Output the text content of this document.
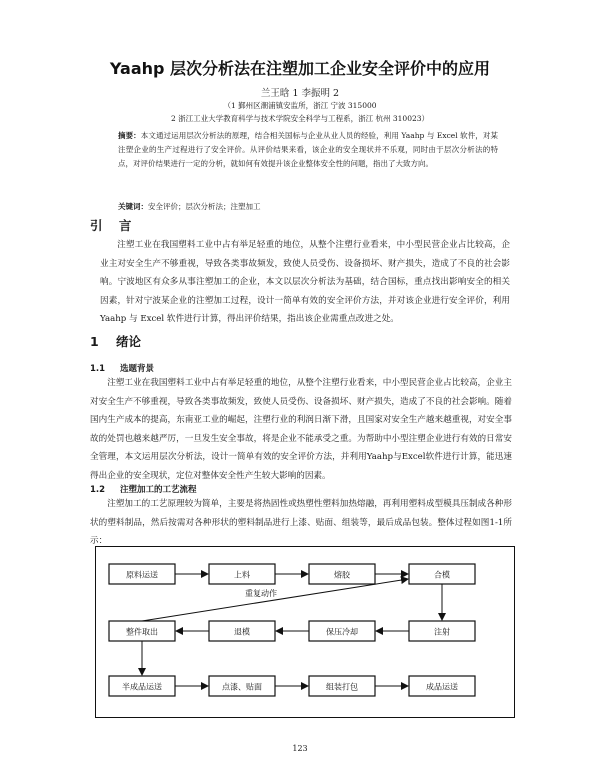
Yaahp 层次分析法在注塑加工企业安全评价中的应用
兰王晗 1 李振明 2
（1 鄞州区潮浦镇安监所，浙江 宁波 315000
2 浙江工业大学教育科学与技术学院安全科学与工程系，浙江 杭州 310023）
摘要：本文通过运用层次分析法的原理，结合相关国标与企业从业人员的经验，利用 Yaahp 与 Excel 软件，对某注塑企业的生产过程进行了安全评价。从评价结果来看，该企业的安全现状并不乐观，同时由于层次分析法的特点，对评价结果进行一定的分析，就如何有效提升该企业整体安全性的问题，指出了大致方向。
关键词：安全评价；层次分析法；注塑加工
引 言
注塑工业在我国塑料工业中占有举足轻重的地位，从整个注塑行业看来，中小型民营企业占比较高，企业主对安全生产不够重视，导致各类事故频发，致使人员受伤、设备损坏、财产损失，造成了不良的社会影响。宁波地区有众多从事注塑加工的企业，本文以层次分析法为基础，结合国标，重点找出影响安全的相关因素，针对宁波某企业的注塑加工过程，设计一简单有效的安全评价方法，并对该企业进行安全评价，利用 Yaahp 与 Excel 软件进行计算，得出评价结果，指出该企业需重点改进之处。
1 绪论
1.1 选题背景
注塑工业在我国塑料工业中占有举足轻重的地位，从整个注塑行业看来，中小型民营企业占比较高，企业主对安全生产不够重视，导致各类事故频发，致使人员受伤、设备损坏、财产损失，造成了不良的社会影响。随着国内生产成本的提高，东南亚工业的崛起，注塑行业的利润日渐下滑，且国家对安全生产越来越重视，对安全事故的处罚也越来越严厉，一旦发生安全事故，将是企业不能承受之重。为帮助中小型注塑企业进行有效的日常安全管理，本文运用层次分析法，设计一简单有效的安全评价方法，并利用Yaahp与Excel软件进行计算，能迅速得出企业的安全现状，定位对整体安全性产生较大影响的因素。
1.2 注塑加工的工艺流程
注塑加工的工艺原理较为简单，主要是将热固性或热塑性塑料加热熔融，再利用塑料成型模具压制成各种形状的塑料制品，然后按需对各种形状的塑料制品进行上漆、贴面、组装等，最后成品包装。整体过程如图1-1所示：
原料运送	上料	熔胶	合模
整件取出	退模	保压冷却	注射
半成品运送	点漆、贴面	组装打包	成品运送
重复动作
123
